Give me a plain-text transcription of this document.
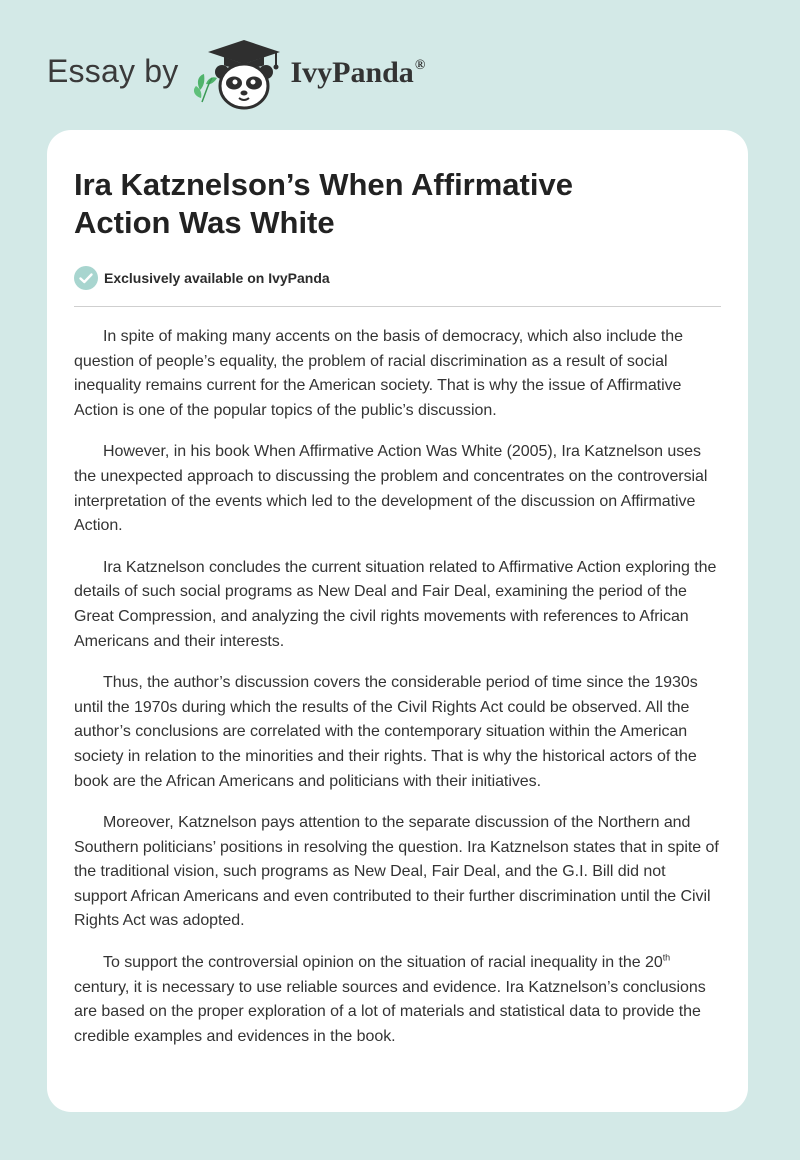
Essay by	IvyPanda®
Ira Katznelson’s When Affirmative Action Was White
Exclusively available on IvyPanda

In spite of making many accents on the basis of democracy, which also include the question of people’s equality, the problem of racial discrimination as a result of social inequality remains current for the American society. That is why the issue of Affirmative Action is one of the popular topics of the public’s discussion.

However, in his book When Affirmative Action Was White (2005), Ira Katznelson uses the unexpected approach to discussing the problem and concentrates on the controversial interpretation of the events which led to the development of the discussion on Affirmative Action.

Ira Katznelson concludes the current situation related to Affirmative Action exploring the details of such social programs as New Deal and Fair Deal, examining the period of the Great Compression, and analyzing the civil rights movements with references to African Americans and their interests.

Thus, the author’s discussion covers the considerable period of time since the 1930s until the 1970s during which the results of the Civil Rights Act could be observed. All the author’s conclusions are correlated with the contemporary situation within the American society in relation to the minorities and their rights. That is why the historical actors of the book are the African Americans and politicians with their initiatives.

Moreover, Katznelson pays attention to the separate discussion of the Northern and Southern politicians’ positions in resolving the question. Ira Katznelson states that in spite of the traditional vision, such programs as New Deal, Fair Deal, and the G.I. Bill did not support African Americans and even contributed to their further discrimination until the Civil Rights Act was adopted.

To support the controversial opinion on the situation of racial inequality in the 20th century, it is necessary to use reliable sources and evidence. Ira Katznelson’s conclusions are based on the proper exploration of a lot of materials and statistical data to provide the credible examples and evidences in the book.
